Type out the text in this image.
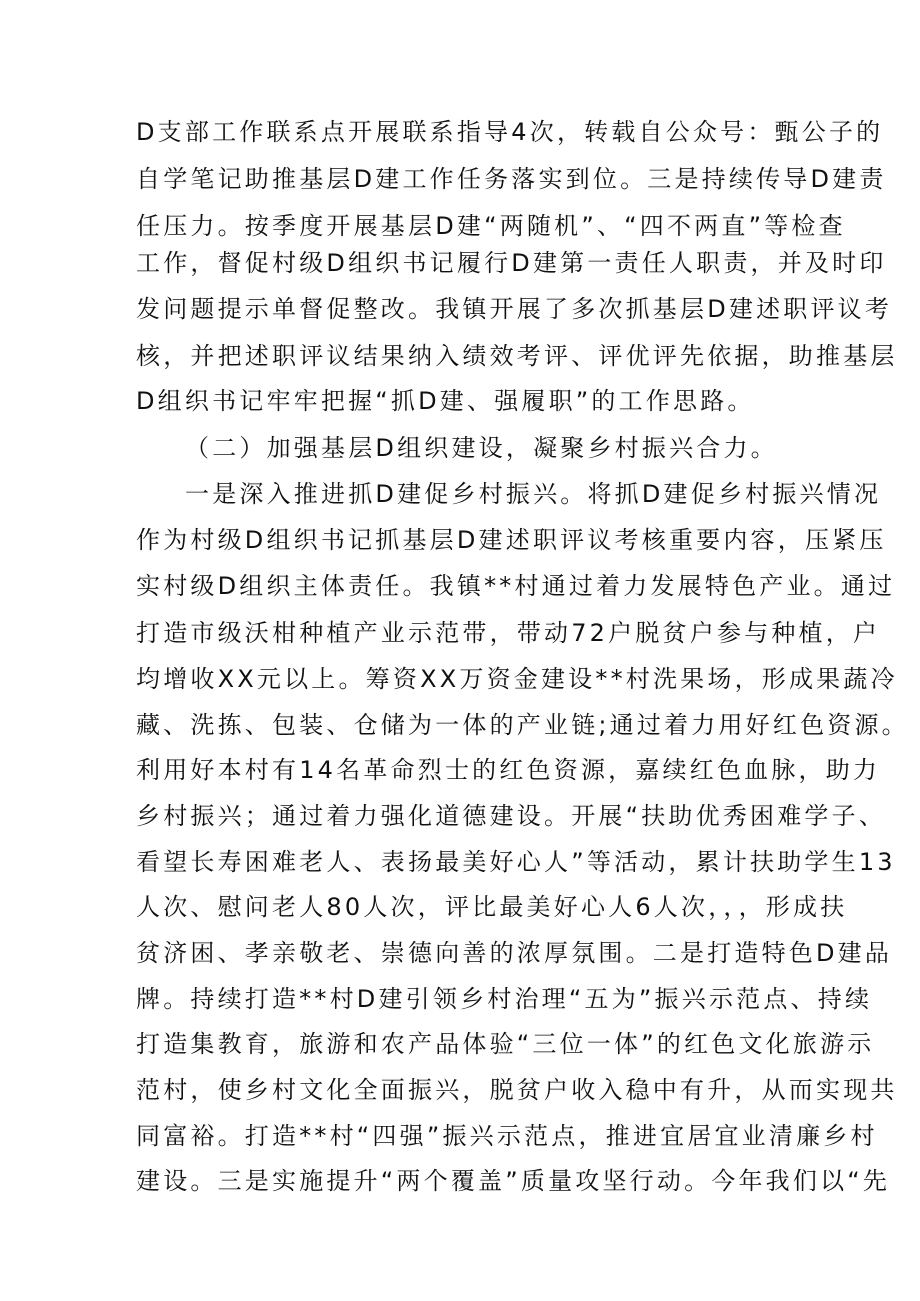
D支部工作联系点开展联系指导4次，转载自公众号：甄公子的
自学笔记助推基层D建工作任务落实到位。三是持续传导D建责
任压力。按季度开展基层D建“两随机”、“四不两直”等检查
工作，督促村级D组织书记履行D建第一责任人职责，并及时印
发问题提示单督促整改。我镇开展了多次抓基层D建述职评议考
核，并把述职评议结果纳入绩效考评、评优评先依据，助推基层
D组织书记牢牢把握“抓D建、强履职”的工作思路。
（二）加强基层D组织建设，凝聚乡村振兴合力。
一是深入推进抓D建促乡村振兴。将抓D建促乡村振兴情况
作为村级D组织书记抓基层D建述职评议考核重要内容，压紧压
实村级D组织主体责任。我镇**村通过着力发展特色产业。通过
打造市级沃柑种植产业示范带，带动72户脱贫户参与种植，户
均增收XX元以上。筹资XX万资金建设**村洗果场，形成果蔬冷
藏、洗拣、包装、仓储为一体的产业链;通过着力用好红色资源。
利用好本村有14名革命烈士的红色资源，嘉续红色血脉，助力
乡村振兴；通过着力强化道德建设。开展“扶助优秀困难学子、
看望长寿困难老人、表扬最美好心人”等活动，累计扶助学生13
人次、慰问老人80人次，评比最美好心人6人次，，，形成扶
贫济困、孝亲敬老、崇德向善的浓厚氛围。二是打造特色D建品
牌。持续打造**村D建引领乡村治理“五为”振兴示范点、持续
打造集教育，旅游和农产品体验“三位一体”的红色文化旅游示
范村，使乡村文化全面振兴，脱贫户收入稳中有升，从而实现共
同富裕。打造**村“四强”振兴示范点，推进宜居宜业清廉乡村
建设。三是实施提升“两个覆盖”质量攻坚行动。今年我们以“先
